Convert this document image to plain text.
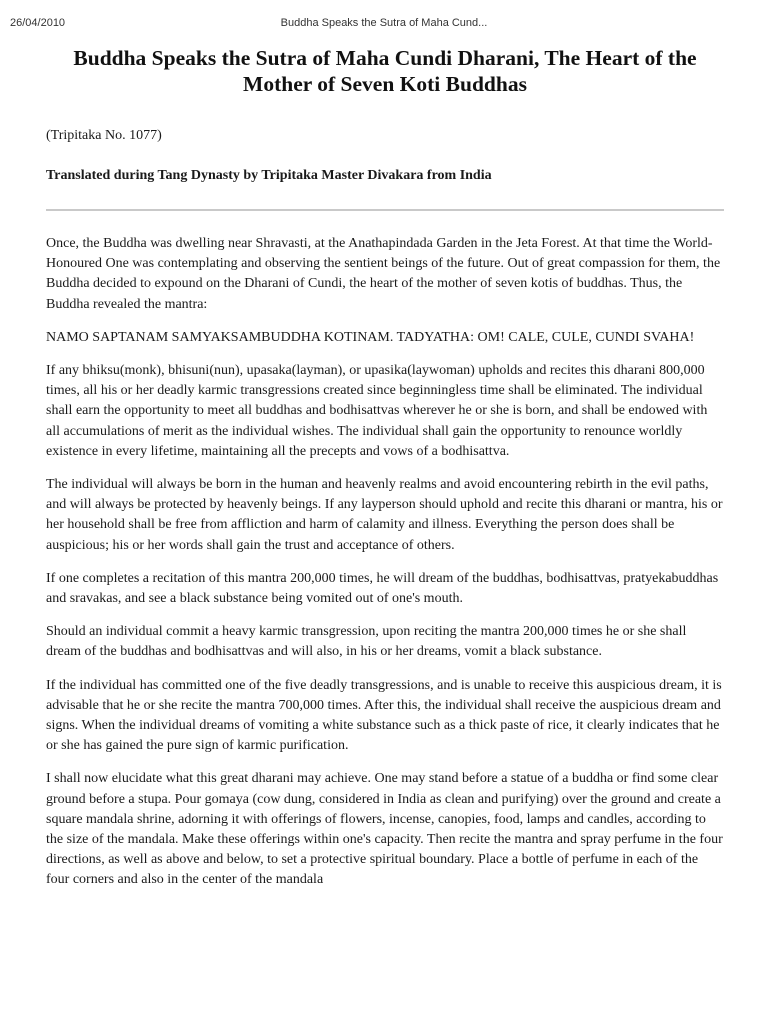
26/04/2010	Buddha Speaks the Sutra of Maha Cund...
Buddha Speaks the Sutra of Maha Cundi Dharani, The Heart of the Mother of Seven Koti Buddhas

(Tripitaka No. 1077)

Translated during Tang Dynasty by Tripitaka Master Divakara from India

Once, the Buddha was dwelling near Shravasti, at the Anathapindada Garden in the Jeta Forest. At that time the World-Honoured One was contemplating and observing the sentient beings of the future. Out of great compassion for them, the Buddha decided to expound on the Dharani of Cundi, the heart of the mother of seven kotis of buddhas. Thus, the Buddha revealed the mantra:

NAMO SAPTANAM SAMYAKSAMBUDDHA KOTINAM. TADYATHA: OM! CALE, CULE, CUNDI SVAHA!

If any bhiksu(monk), bhisuni(nun), upasaka(layman), or upasika(laywoman) upholds and recites this dharani 800,000 times, all his or her deadly karmic transgressions created since beginningless time shall be eliminated. The individual shall earn the opportunity to meet all buddhas and bodhisattvas wherever he or she is born, and shall be endowed with all accumulations of merit as the individual wishes. The individual shall gain the opportunity to renounce worldly existence in every lifetime, maintaining all the precepts and vows of a bodhisattva.

The individual will always be born in the human and heavenly realms and avoid encountering rebirth in the evil paths, and will always be protected by heavenly beings. If any layperson should uphold and recite this dharani or mantra, his or her household shall be free from affliction and harm of calamity and illness. Everything the person does shall be auspicious; his or her words shall gain the trust and acceptance of others.

If one completes a recitation of this mantra 200,000 times, he will dream of the buddhas, bodhisattvas, pratyekabuddhas and sravakas, and see a black substance being vomited out of one's mouth.

Should an individual commit a heavy karmic transgression, upon reciting the mantra 200,000 times he or she shall dream of the buddhas and bodhisattvas and will also, in his or her dreams, vomit a black substance.

If the individual has committed one of the five deadly transgressions, and is unable to receive this auspicious dream, it is advisable that he or she recite the mantra 700,000 times. After this, the individual shall receive the auspicious dream and signs. When the individual dreams of vomiting a white substance such as a thick paste of rice, it clearly indicates that he or she has gained the pure sign of karmic purification.

I shall now elucidate what this great dharani may achieve. One may stand before a statue of a buddha or find some clear ground before a stupa. Pour gomaya (cow dung, considered in India as clean and purifying) over the ground and create a square mandala shrine, adorning it with offerings of flowers, incense, canopies, food, lamps and candles, according to the size of the mandala. Make these offerings within one's capacity. Then recite the mantra and spray perfume in the four directions, as well as above and below, to set a protective spiritual boundary. Place a bottle of perfume in each of the four corners and also in the center of the mandala
